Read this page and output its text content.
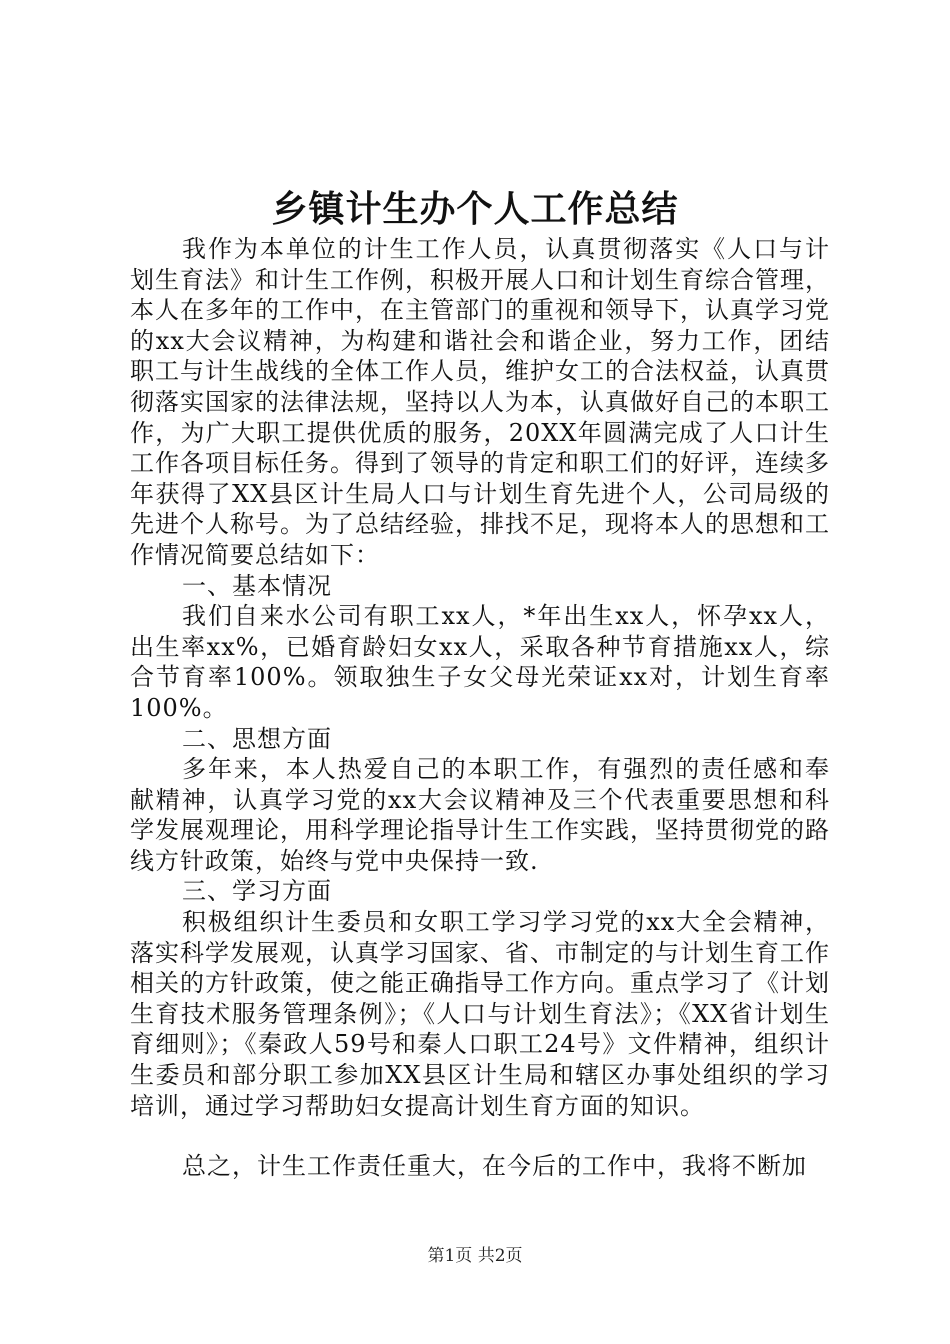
乡镇计生办个人工作总结

我作为本单位的计生工作人员，认真贯彻落实《人口与计划生育法》和计生工作例，积极开展人口和计划生育综合管理，本人在多年的工作中，在主管部门的重视和领导下，认真学习党的xx大会议精神，为构建和谐社会和谐企业，努力工作，团结职工与计生战线的全体工作人员，维护女工的合法权益，认真贯彻落实国家的法律法规，坚持以人为本，认真做好自己的本职工作，为广大职工提供优质的服务，20XX年圆满完成了人口计生工作各项目标任务。得到了领导的肯定和职工们的好评，连续多年获得了XX县区计生局人口与计划生育先进个人，公司局级的先进个人称号。为了总结经验，排找不足，现将本人的思想和工作情况简要总结如下：

一、基本情况

我们自来水公司有职工xx人，*年出生xx人，怀孕xx人，出生率xx%，已婚育龄妇女xx人，采取各种节育措施xx人，综合节育率100%。领取独生子女父母光荣证xx对，计划生育率100%。

二、思想方面

多年来，本人热爱自己的本职工作，有强烈的责任感和奉献精神，认真学习党的xx大会议精神及三个代表重要思想和科学发展观理论，用科学理论指导计生工作实践，坚持贯彻党的路线方针政策，始终与党中央保持一致.

三、学习方面

积极组织计生委员和女职工学习学习党的xx大全会精神，落实科学发展观，认真学习国家、省、市制定的与计划生育工作相关的方针政策，使之能正确指导工作方向。重点学习了《计划生育技术服务管理条例》；《人口与计划生育法》；《XX省计划生育细则》；《秦政人59号和秦人口职工24号》文件精神，组织计生委员和部分职工参加XX县区计生局和辖区办事处组织的学习培训，通过学习帮助妇女提高计划生育方面的知识。

总之，计生工作责任重大，在今后的工作中，我将不断加

第1页 共2页
